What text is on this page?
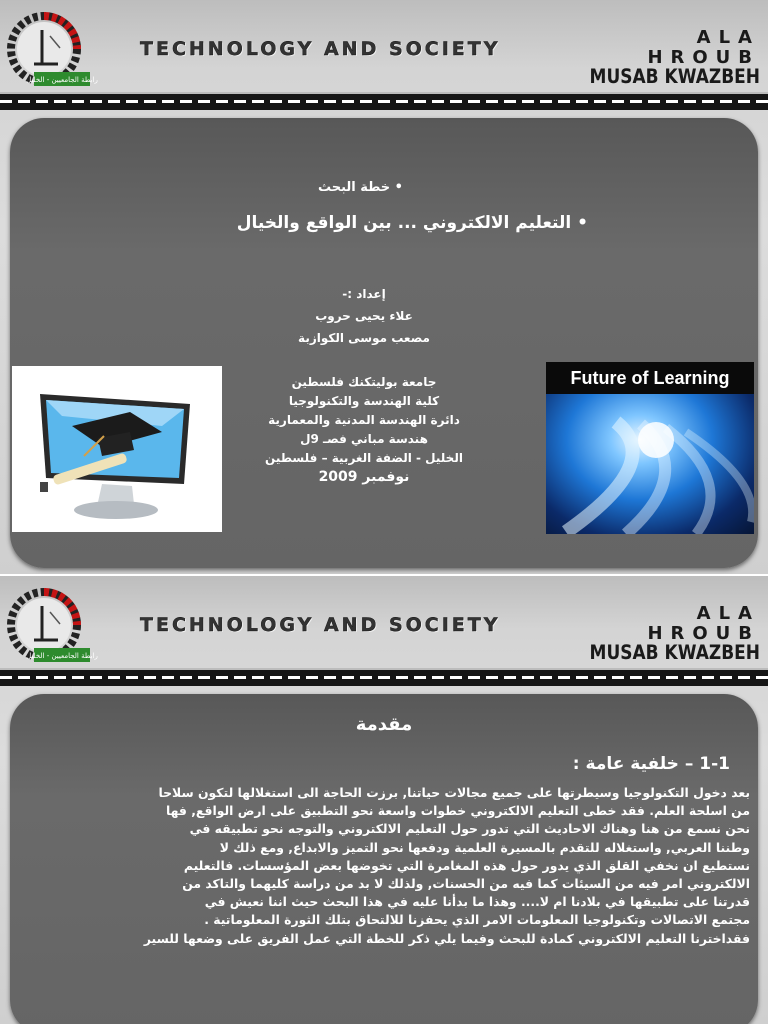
رابطة الجامعيين - الخليل
TECHNOLOGY AND SOCIETY
ALA HROUB
MUSAB KWAZBEH
• خطة البحث
• التعليم الالكتروني ... بين الواقع والخيال
إعداد :-
علاء يحيى حروب
مصعب موسى الكوازبة
جامعة بوليتكنك فلسطين
كلية الهندسة والتكنولوجيا
دائرة الهندسة المدنية والمعمارية
هندسة مباني فصـ 9ل
الخليل - الضفة الغربية – فلسطين
نوفمبر 2009
Future of Learning
رابطة الجامعيين - الخليل
TECHNOLOGY AND SOCIETY
ALA HROUB
MUSAB KWAZBEH
مقدمة
1-1 – خلفية عامة :

بعد دخول التكنولوجيا وسيطرتها على جميع مجالات حياتنا, برزت الحاجة الى استغلالها لتكون سلاحا

من اسلحة العلم. فقد خطى التعليم الالكتروني خطوات واسعة نحو التطبيق على ارض الواقع, فها

نحن نسمع من هنا وهناك الاحاديث التي تدور حول التعليم الالكتروني والتوجه نحو تطبيقه في

وطننا العربي, واستغلاله للتقدم بالمسيرة العلمية ودفعها نحو التميز والابداع, ومع ذلك لا

نستطيع ان نخفي القلق الذي يدور حول هذه المغامرة التي تخوضها بعض المؤسسات. فالتعليم

الالكتروني امر فيه من السيئات كما فيه من الحسنات, ولذلك لا بد من دراسة كليهما والتاكد من

قدرتنا على تطبيقها في بلادنا ام لا.... وهذا ما بدأنا عليه في هذا البحث حيث اننا نعيش في

مجتمع الاتصالات وتكنولوجيا المعلومات الامر الذي يحفزنا للالتحاق بتلك الثورة المعلوماتية .

فقداخترنا التعليم الالكتروني كمادة للبحث وفيما يلي ذكر للخطة التي عمل الفريق على وضعها للسير
